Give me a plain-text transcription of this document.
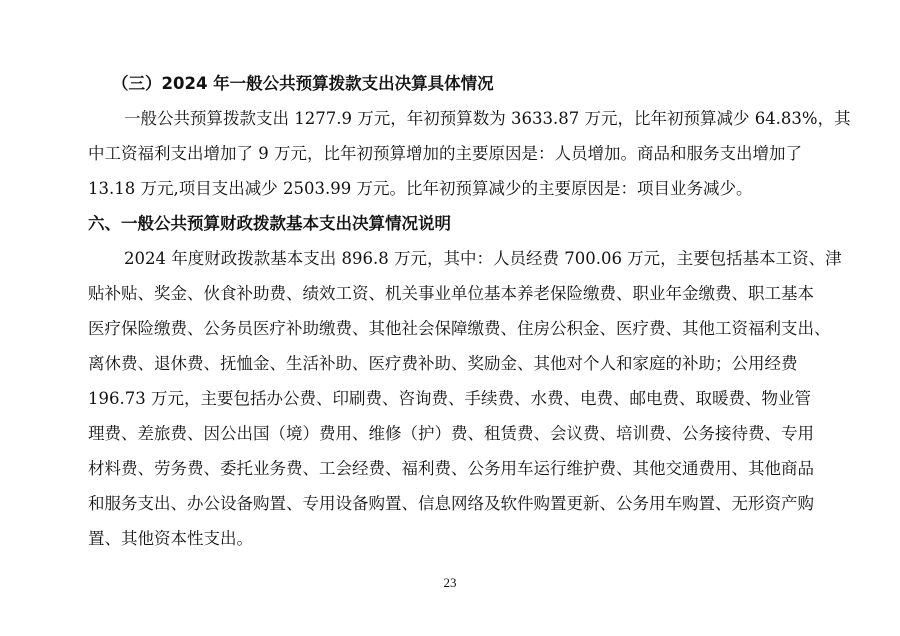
（三）2024 年一般公共预算拨款支出决算具体情况
一般公共预算拨款支出 1277.9 万元，年初预算数为 3633.87 万元，比年初预算减少 64.83%，其
中工资福利支出增加了 9 万元，比年初预算增加的主要原因是：人员增加。商品和服务支出增加了
13.18 万元,项目支出减少 2503.99 万元。比年初预算减少的主要原因是：项目业务减少。
六、一般公共预算财政拨款基本支出决算情况说明
2024 年度财政拨款基本支出 896.8 万元，其中：人员经费 700.06 万元，主要包括基本工资、津
贴补贴、奖金、伙食补助费、绩效工资、机关事业单位基本养老保险缴费、职业年金缴费、职工基本
医疗保险缴费、公务员医疗补助缴费、其他社会保障缴费、住房公积金、医疗费、其他工资福利支出、
离休费、退休费、抚恤金、生活补助、医疗费补助、奖励金、其他对个人和家庭的补助；公用经费
196.73 万元，主要包括办公费、印刷费、咨询费、手续费、水费、电费、邮电费、取暖费、物业管
理费、差旅费、因公出国（境）费用、维修（护）费、租赁费、会议费、培训费、公务接待费、专用
材料费、劳务费、委托业务费、工会经费、福利费、公务用车运行维护费、其他交通费用、其他商品
和服务支出、办公设备购置、专用设备购置、信息网络及软件购置更新、公务用车购置、无形资产购
置、其他资本性支出。
23
